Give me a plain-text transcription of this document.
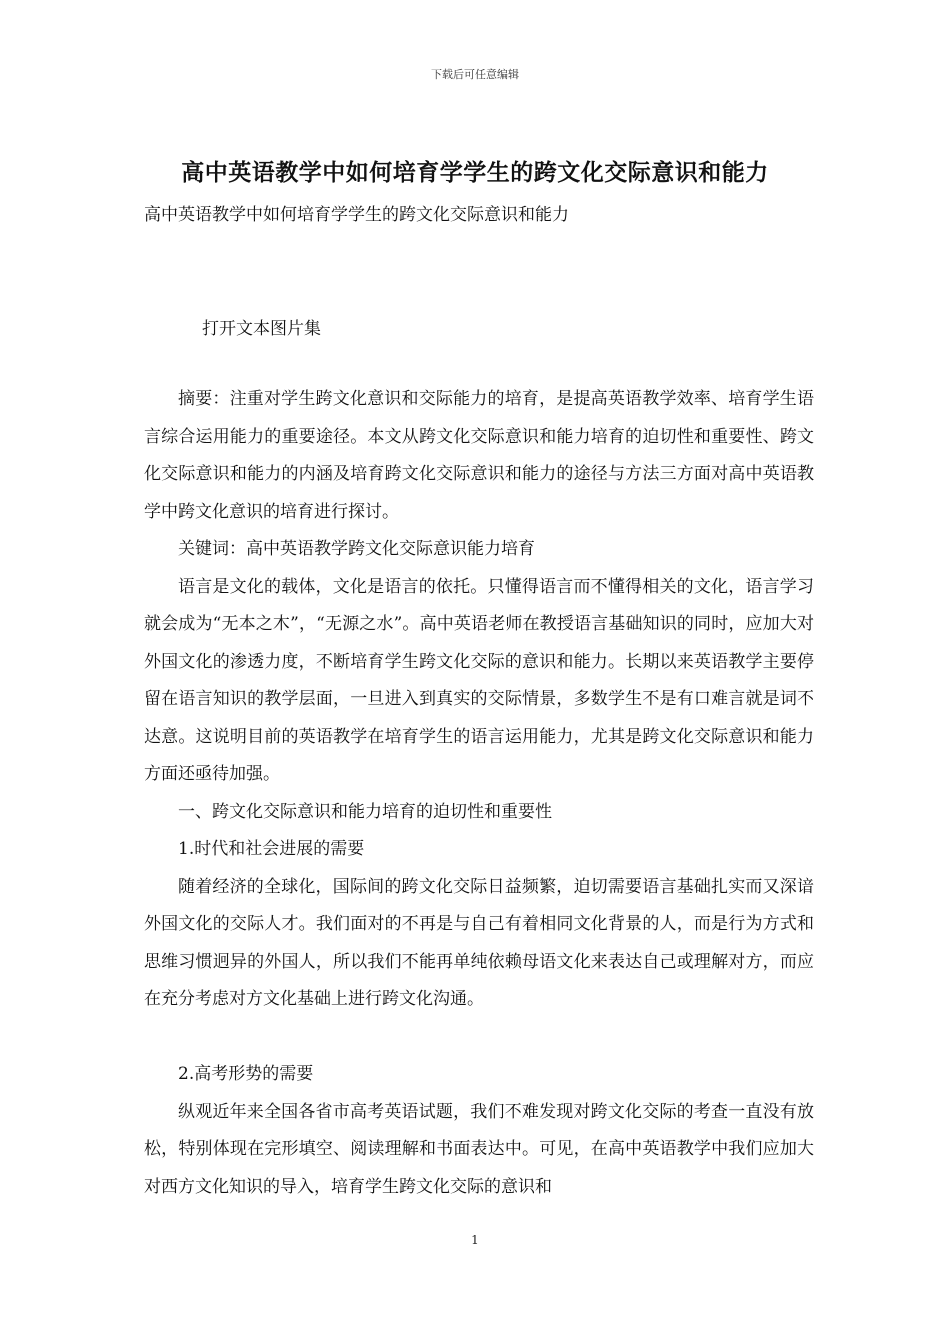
下载后可任意编辑
高中英语教学中如何培育学学生的跨文化交际意识和能力
高中英语教学中如何培育学学生的跨文化交际意识和能力
打开文本图片集

摘要：注重对学生跨文化意识和交际能力的培育，是提高英语教学效率、培育学生语言综合运用能力的重要途径。本文从跨文化交际意识和能力培育的迫切性和重要性、跨文化交际意识和能力的内涵及培育跨文化交际意识和能力的途径与方法三方面对高中英语教学中跨文化意识的培育进行探讨。

关键词：高中英语教学跨文化交际意识能力培育

语言是文化的载体，文化是语言的依托。只懂得语言而不懂得相关的文化，语言学习就会成为“无本之木”，“无源之水”。高中英语老师在教授语言基础知识的同时，应加大对外国文化的渗透力度，不断培育学生跨文化交际的意识和能力。长期以来英语教学主要停留在语言知识的教学层面，一旦进入到真实的交际情景，多数学生不是有口难言就是词不达意。这说明目前的英语教学在培育学生的语言运用能力，尤其是跨文化交际意识和能力方面还亟待加强。

一、跨文化交际意识和能力培育的迫切性和重要性

1.时代和社会进展的需要

随着经济的全球化，国际间的跨文化交际日益频繁，迫切需要语言基础扎实而又深谙外国文化的交际人才。我们面对的不再是与自己有着相同文化背景的人，而是行为方式和思维习惯迥异的外国人，所以我们不能再单纯依赖母语文化来表达自己或理解对方，而应在充分考虑对方文化基础上进行跨文化沟通。

2.高考形势的需要

纵观近年来全国各省市高考英语试题，我们不难发现对跨文化交际的考查一直没有放松，特别体现在完形填空、阅读理解和书面表达中。可见，在高中英语教学中我们应加大对西方文化知识的导入，培育学生跨文化交际的意识和

1
